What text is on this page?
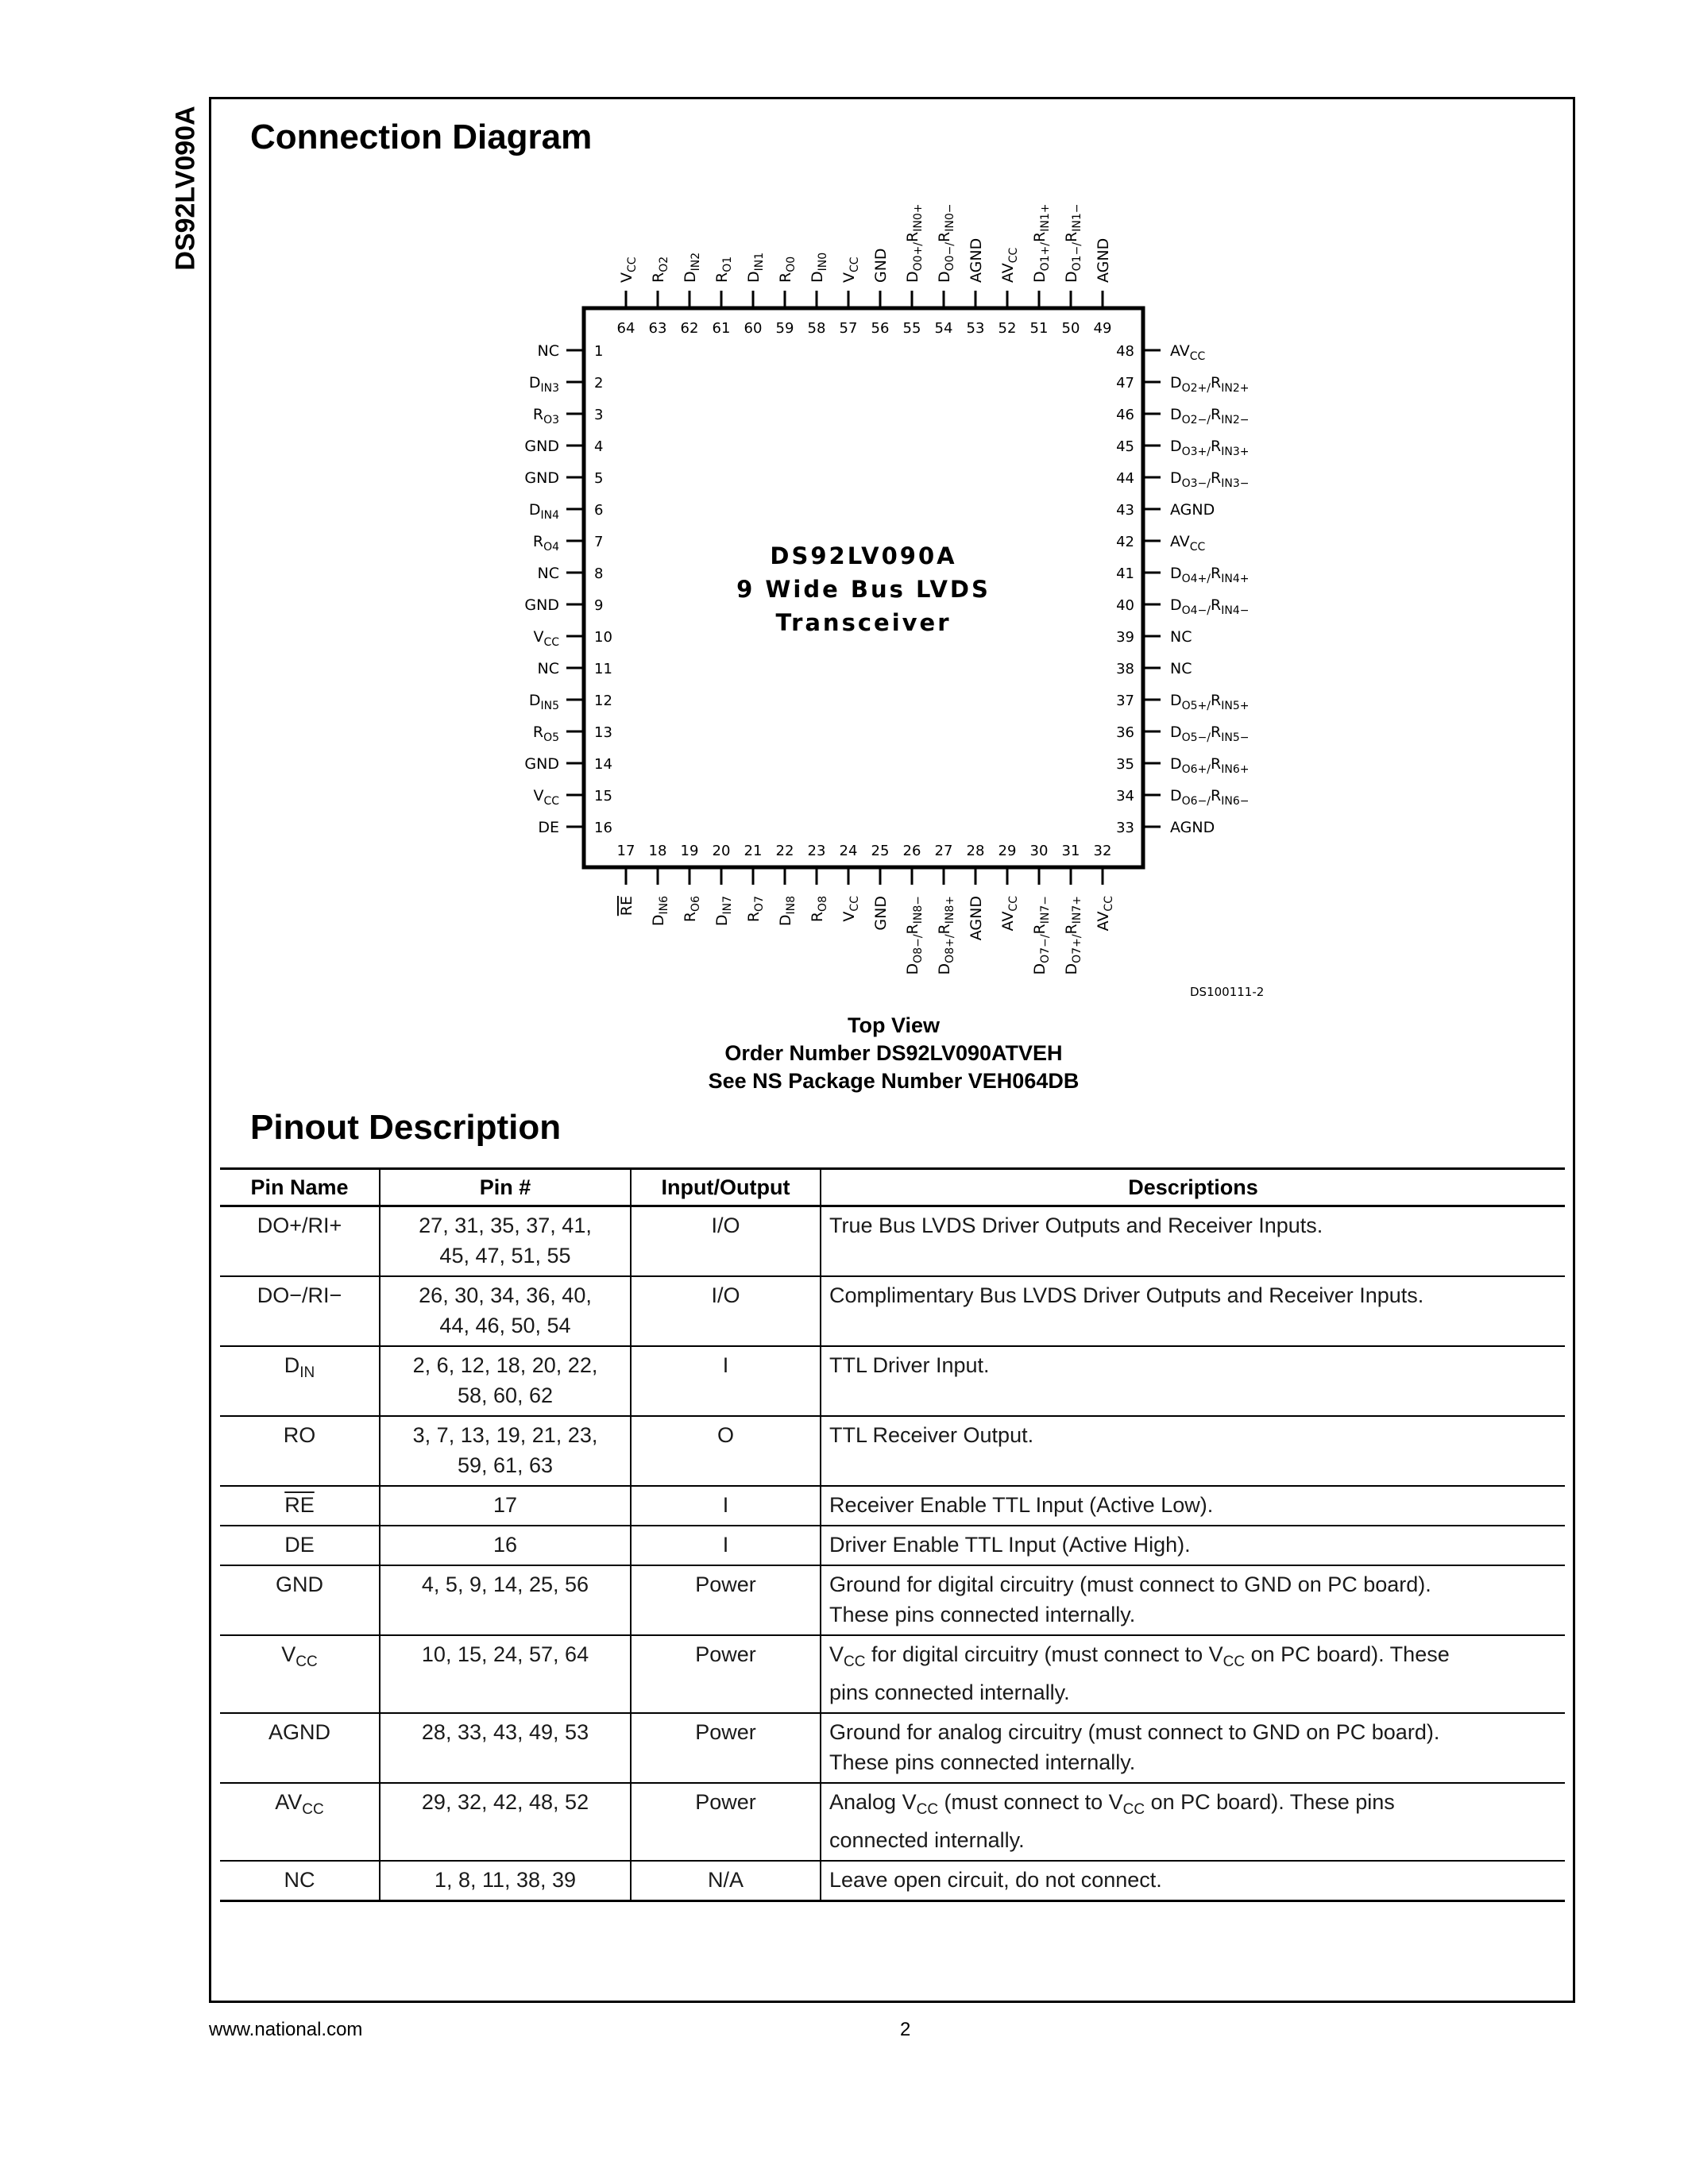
DS92LV090A Connection Diagram
DS92LV090A
9 Wide Bus LVDS
Transceiver
DS100111-2
1
NC
2
$D_{IN3}$
3
$R_{O3}$
4
GND
5
GND
6
$D_{IN4}$
7
$R_{O4}$
8
NC
9
GND
10
$V_{CC}$
11
NC
12
$D_{IN5}$
13
$R_{O5}$
14
GND
15
$V_{CC}$
16
DE
48 $AV_{CC}$
47 $D_{O2+/}R_{IN2+}$
46 $D_{O2-/}R_{IN2-}$
45 $D_{O3+/}R_{IN3+}$
44 $D_{O3-/}R_{IN3-}$
43 AGND
42 $AV_{CC}$
41 $D_{O4+/}R_{IN4+}$
40 $D_{O4-/}R_{IN4-}$
39 NC
38 NC
37 $D_{O5+/}R_{IN5+}$
36 $D_{O5-/}R_{IN5-}$
35 $D_{O6+/}R_{IN6+}$
34 $D_{O6-/}R_{IN6-}$
33 AGND
64
$V_{CC}$
63
$R_{O2}$
62
$D_{IN2}$
61
$R_{O1}$
60
$D_{IN1}$
59
$R_{O0}$
58
$D_{IN0}$
57
$V_{CC}$
56
GND
55
$D_{O0+/}R_{IN0+}$
54
$D_{O0-/}R_{IN0-}$
53
AGND
52
$AV_{CC}$
51
$D_{O1+/}R_{IN1+}$
50
$D_{O1-/}R_{IN1-}$
49
AGND
17
RE
18
$D_{IN6}$
19
$R_{O6}$
20
$D_{IN7}$
21
$R_{O7}$
22
$D_{IN8}$
23
$R_{O8}$
24
$V_{CC}$
25
GND
26
$D_{O8-/}R_{IN8-}$
27
$D_{O8+/}R_{IN8+}$
28
AGND
29
$AV_{CC}$
30
$D_{O7-/}R_{IN7-}$
31
$D_{O7+/}R_{IN7+}$
32
$AV_{CC}$
Top View
Order Number DS92LV090ATVEH
See NS Package Number VEH064DB
Pinout Description
Pin Name	Pin #	Input/Output	Descriptions
DO+/RI+	27, 31, 35, 37, 41,
45, 47, 51, 55	I/O	True Bus LVDS Driver Outputs and Receiver Inputs.
DO−/RI−	26, 30, 34, 36, 40,
44, 46, 50, 54	I/O	Complimentary Bus LVDS Driver Outputs and Receiver Inputs.
$D_{IN}$	2, 6, 12, 18, 20, 22,
58, 60, 62	I	TTL Driver Input.
RO	3, 7, 13, 19, 21, 23,
59, 61, 63	O	TTL Receiver Output.
$\overline{RE}$	17	I	Receiver Enable TTL Input (Active Low).
DE	16	I	Driver Enable TTL Input (Active High).
GND	4, 5, 9, 14, 25, 56	Power	Ground for digital circuitry (must connect to GND on PC board).
These pins connected internally.
$V_{CC}$	10, 15, 24, 57, 64	Power	$V_{CC}$ for digital circuitry (must connect to $V_{CC}$ on PC board). These
pins connected internally.
AGND	28, 33, 43, 49, 53	Power	Ground for analog circuitry (must connect to GND on PC board).
These pins connected internally.
$AV_{CC}$	29, 32, 42, 48, 52	Power	Analog $V_{CC}$ (must connect to $V_{CC}$ on PC board). These pins
connected internally.
NC	1, 8, 11, 38, 39	N/A	Leave open circuit, do not connect.
www.national.com	2
